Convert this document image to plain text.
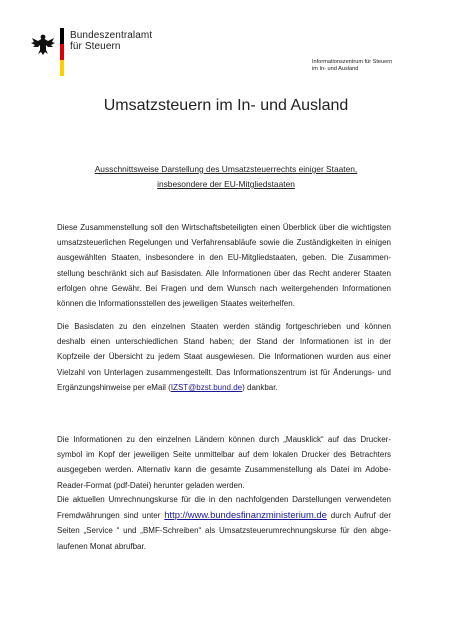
Bundeszentralamt
für Steuern
Informationszentrum für Steuern
im In- und Ausland
Umsatzsteuern im In- und Ausland
Ausschnittsweise Darstellung des Umsatzsteuerrechts einiger Staaten,
insbesondere der EU-Mitgliedstaaten
Diese Zusammenstellung soll den Wirtschaftsbeteiligten einen Überblick über die wichtigsten
umsatzsteuerlichen Regelungen und Verfahrensabläufe sowie die Zuständigkeiten in einigen
ausgewählten Staaten, insbesondere in den EU-Mitgliedstaaten, geben. Die Zusammen-
stellung beschränkt sich auf Basisdaten. Alle Informationen über das Recht anderer Staaten
erfolgen ohne Gewähr. Bei Fragen und dem Wunsch nach weitergehenden Informationen
können die Informationsstellen des jeweiligen Staates weiterhelfen.
Die Basisdaten zu den einzelnen Staaten werden ständig fortgeschrieben und können
deshalb einen unterschiedlichen Stand haben; der Stand der Informationen ist in der
Kopfzeile der Übersicht zu jedem Staat ausgewiesen. Die Informationen wurden aus einer
Vielzahl von Unterlagen zusammengestellt. Das Informationszentrum ist für Änderungs- und
Ergänzungshinweise per eMail (IZST@bzst.bund.de) dankbar.
Die Informationen zu den einzelnen Ländern können durch „Mausklick“ auf das Drucker-
symbol im Kopf der jeweiligen Seite unmittelbar auf dem lokalen Drucker des Betrachters
ausgegeben werden. Alternativ kann die gesamte Zusammenstellung als Datei im Adobe-
Reader-Format (pdf-Datei) herunter geladen werden.
Die aktuellen Umrechnungskurse für die in den nachfolgenden Darstellungen verwendeten
Fremdwährungen sind unter http://www.bundesfinanzministerium.de durch Aufruf der
Seiten „Service “ und „BMF-Schreiben“ als Umsatzsteuerumrechnungskurse für den abge-
laufenen Monat abrufbar.
